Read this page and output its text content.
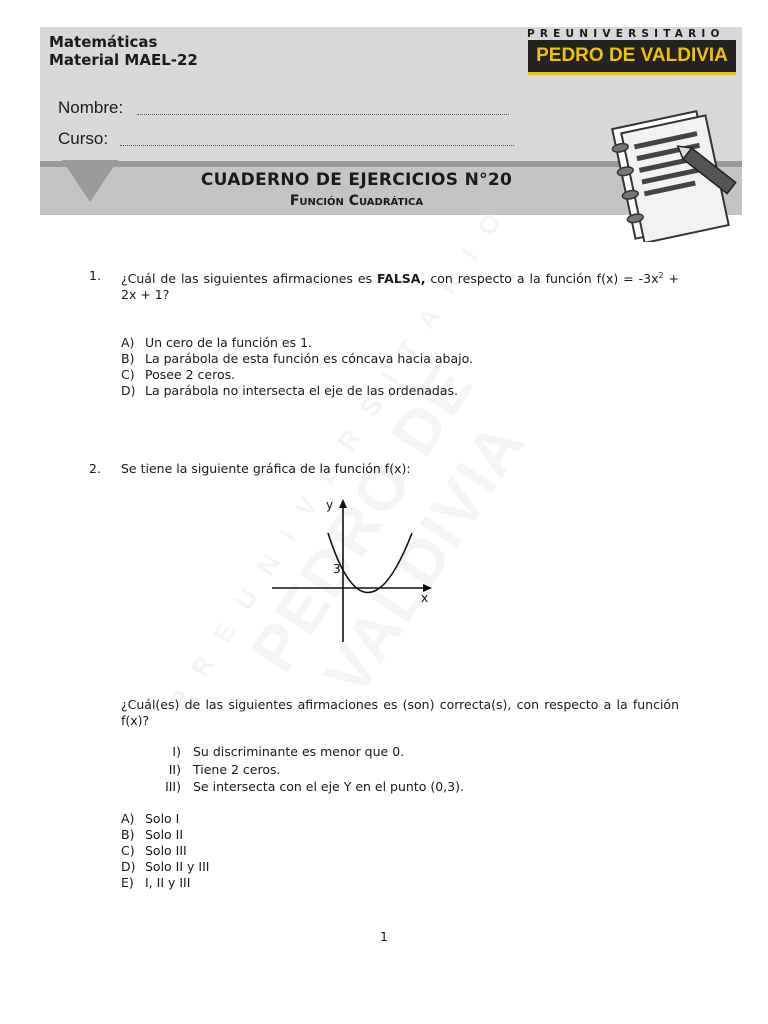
Matemáticas
Material MAEL-22
PREUNIVERSITARIO
PEDRO DE VALDIVIA
Nombre:
Curso:
CUADERNO DE EJERCICIOS N°20
Función Cuadrática
1. ¿Cuál de las siguientes afirmaciones es FALSA, con respecto a la función $f(x) = -3x^2 + 2x + 1$?
A) Un cero de la función es 1.
B) La parábola de esta función es cóncava hacia abajo.
C) Posee 2 ceros.
D) La parábola no intersecta el eje de las ordenadas.
2. Se tiene la siguiente gráfica de la función f(x):
y
x
3
¿Cuál(es) de las siguientes afirmaciones es (son) correcta(s), con respecto a la función f(x)?
I) Su discriminante es menor que 0.
II) Tiene 2 ceros.
III) Se intersecta con el eje Y en el punto (0,3).
A) Solo I
B) Solo II
C) Solo III
D) Solo II y III
E) I, II y III
1
